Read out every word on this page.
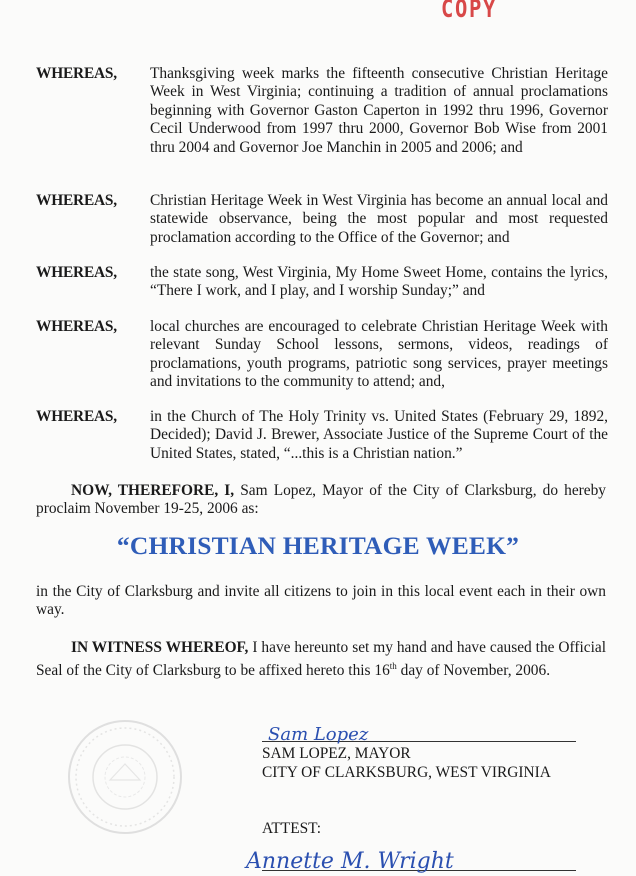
COPY
WHEREAS, Thanksgiving week marks the fifteenth consecutive Christian Heritage Week in West Virginia; continuing a tradition of annual proclamations beginning with Governor Gaston Caperton in 1992 thru 1996, Governor Cecil Underwood from 1997 thru 2000, Governor Bob Wise from 2001 thru 2004 and Governor Joe Manchin in 2005 and 2006; and
WHEREAS, Christian Heritage Week in West Virginia has become an annual local and statewide observance, being the most popular and most requested proclamation according to the Office of the Governor; and
WHEREAS, the state song, West Virginia, My Home Sweet Home, contains the lyrics, “There I work, and I play, and I worship Sunday;” and
WHEREAS, local churches are encouraged to celebrate Christian Heritage Week with relevant Sunday School lessons, sermons, videos, readings of proclamations, youth programs, patriotic song services, prayer meetings and invitations to the community to attend; and,
WHEREAS, in the Church of The Holy Trinity vs. United States (February 29, 1892, Decided); David J. Brewer, Associate Justice of the Supreme Court of the United States, stated, “...this is a Christian nation.”
NOW, THEREFORE, I, Sam Lopez, Mayor of the City of Clarksburg, do hereby proclaim November 19-25, 2006 as:
“CHRISTIAN HERITAGE WEEK”
in the City of Clarksburg and invite all citizens to join in this local event each in their own way.
IN WITNESS WHEREOF, I have hereunto set my hand and have caused the Official Seal of the City of Clarksburg to be affixed hereto this 16th day of November, 2006.
Sam Lopez
SAM LOPEZ, MAYOR
CITY OF CLARKSBURG, WEST VIRGINIA
ATTEST:
Annette M. Wright
